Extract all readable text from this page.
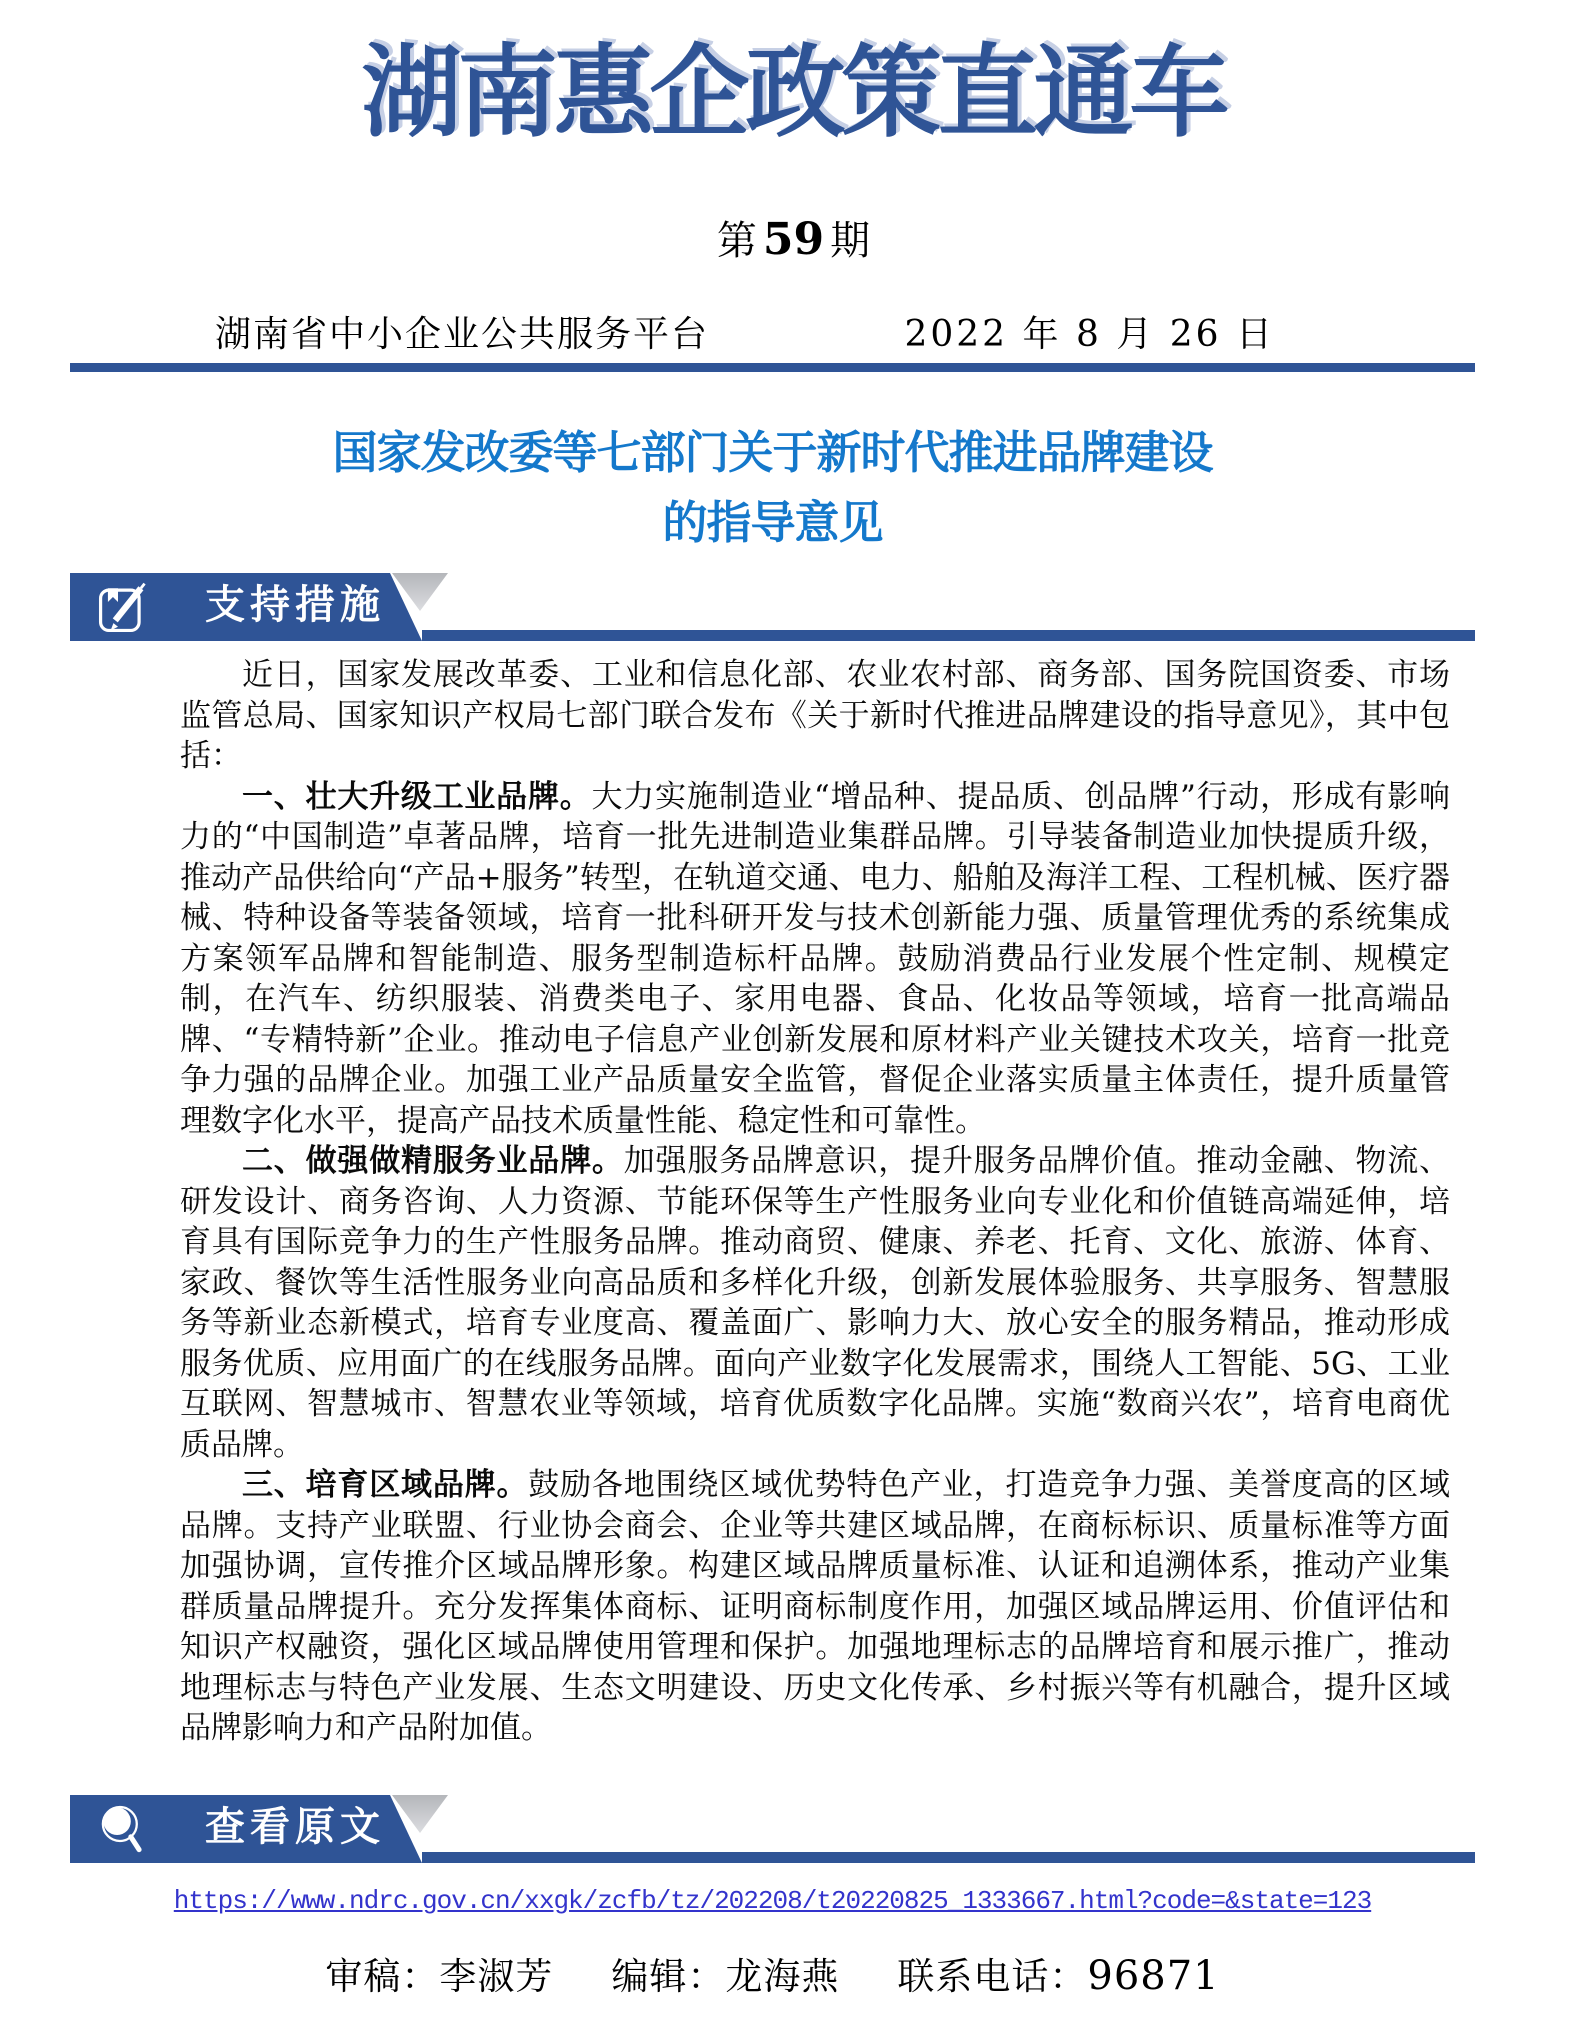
湖南惠企政策直通车
第 59 期
湖南省中小企业公共服务平台	2022 年 8 月 26 日
国家发改委等七部门关于新时代推进品牌建设
的指导意见
支持措施

近日，国家发展改革委、工业和信息化部、农业农村部、商务部、国务院国资委、市场监管总局、国家知识产权局七部门联合发布《关于新时代推进品牌建设的指导意见》，其中包括：

一、壮大升级工业品牌。大力实施制造业“增品种、提品质、创品牌”行动，形成有影响力的“中国制造”卓著品牌，培育一批先进制造业集群品牌。引导装备制造业加快提质升级，推动产品供给向“产品+服务”转型，在轨道交通、电力、船舶及海洋工程、工程机械、医疗器械、特种设备等装备领域，培育一批科研开发与技术创新能力强、质量管理优秀的系统集成方案领军品牌和智能制造、服务型制造标杆品牌。鼓励消费品行业发展个性定制、规模定制，在汽车、纺织服装、消费类电子、家用电器、食品、化妆品等领域，培育一批高端品牌、“专精特新”企业。推动电子信息产业创新发展和原材料产业关键技术攻关，培育一批竞争力强的品牌企业。加强工业产品质量安全监管，督促企业落实质量主体责任，提升质量管理数字化水平，提高产品技术质量性能、稳定性和可靠性。

二、做强做精服务业品牌。加强服务品牌意识，提升服务品牌价值。推动金融、物流、研发设计、商务咨询、人力资源、节能环保等生产性服务业向专业化和价值链高端延伸，培育具有国际竞争力的生产性服务品牌。推动商贸、健康、养老、托育、文化、旅游、体育、家政、餐饮等生活性服务业向高品质和多样化升级，创新发展体验服务、共享服务、智慧服务等新业态新模式，培育专业度高、覆盖面广、影响力大、放心安全的服务精品，推动形成服务优质、应用面广的在线服务品牌。面向产业数字化发展需求，围绕人工智能、5G、工业互联网、智慧城市、智慧农业等领域，培育优质数字化品牌。实施“数商兴农”，培育电商优质品牌。

三、培育区域品牌。鼓励各地围绕区域优势特色产业，打造竞争力强、美誉度高的区域品牌。支持产业联盟、行业协会商会、企业等共建区域品牌，在商标标识、质量标准等方面加强协调，宣传推介区域品牌形象。构建区域品牌质量标准、认证和追溯体系，推动产业集群质量品牌提升。充分发挥集体商标、证明商标制度作用，加强区域品牌运用、价值评估和知识产权融资，强化区域品牌使用管理和保护。加强地理标志的品牌培育和展示推广，推动地理标志与特色产业发展、生态文明建设、历史文化传承、乡村振兴等有机融合，提升区域品牌影响力和产品附加值。

查看原文
https://www.ndrc.gov.cn/xxgk/zcfb/tz/202208/t20220825_1333667.html?code=&state=123
审稿：李淑芳 编辑：龙海燕 联系电话：96871
